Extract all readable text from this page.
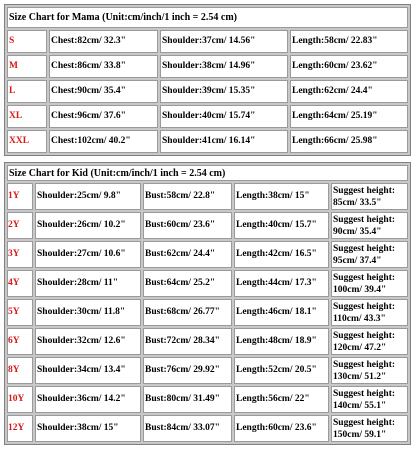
Size Chart for Mama (Unit:cm/inch/1 inch = 2.54 cm)			
S	Chest:82cm/ 32.3"	Shoulder:37cm/ 14.56"	Length:58cm/ 22.83"
M	Chest:86cm/ 33.8"	Shoulder:38cm/ 14.96"	Length:60cm/ 23.62"
L	Chest:90cm/ 35.4"	Shoulder:39cm/ 15.35"	Length:62cm/ 24.4"
XL	Chest:96cm/ 37.6"	Shoulder:40cm/ 15.74"	Length:64cm/ 25.19"
XXL	Chest:102cm/ 40.2"	Shoulder:41cm/ 16.14"	Length:66cm/ 25.98"
Size Chart for Kid (Unit:cm/inch/1 inch = 2.54 cm)				
1Y	Shoulder:25cm/ 9.8"	Bust:58cm/ 22.8"	Length:38cm/ 15"	Suggest height:
85cm/ 33.5"

2Y	Shoulder:26cm/ 10.2"	Bust:60cm/ 23.6"	Length:40cm/ 15.7"	Suggest height:
90cm/ 35.4"

3Y	Shoulder:27cm/ 10.6"	Bust:62cm/ 24.4"	Length:42cm/ 16.5"	Suggest height:
95cm/ 37.4"

4Y	Shoulder:28cm/ 11"	Bust:64cm/ 25.2"	Length:44cm/ 17.3"	Suggest height:
100cm/ 39.4"

5Y	Shoulder:30cm/ 11.8"	Bust:68cm/ 26.77"	Length:46cm/ 18.1"	Suggest height:
110cm/ 43.3"

6Y	Shoulder:32cm/ 12.6"	Bust:72cm/ 28.34"	Length:48cm/ 18.9"	Suggest height:
120cm/ 47.2"

8Y	Shoulder:34cm/ 13.4"	Bust:76cm/ 29.92"	Length:52cm/ 20.5"	Suggest height:
130cm/ 51.2"

10Y	Shoulder:36cm/ 14.2"	Bust:80cm/ 31.49"	Length:56cm/ 22"	Suggest height:
140cm/ 55.1"

12Y	Shoulder:38cm/ 15"	Bust:84cm/ 33.07"	Length:60cm/ 23.6"	Suggest height:
150cm/ 59.1"
